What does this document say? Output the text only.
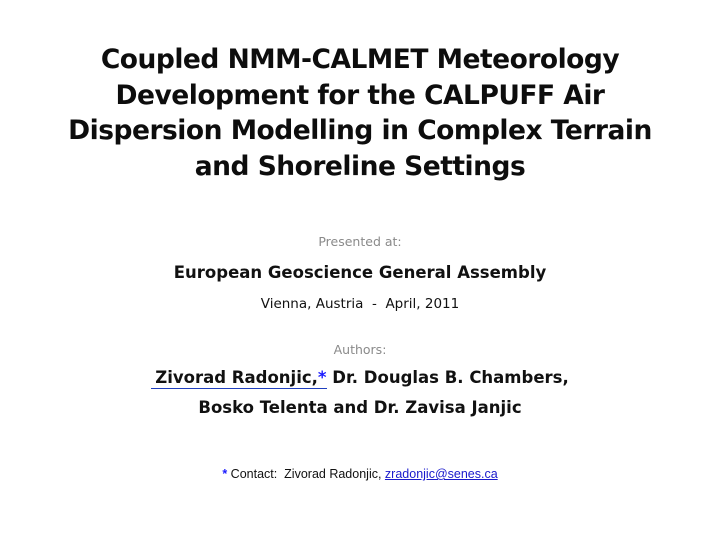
Coupled NMM-CALMET Meteorology
Development for the CALPUFF Air
Dispersion Modelling in Complex Terrain
and Shoreline Settings
Presented at:
European Geoscience General Assembly
Vienna, Austria  -  April, 2011
Authors:
Zivorad Radonjic,* Dr. Douglas B. Chambers,
Bosko Telenta and Dr. Zavisa Janjic
* Contact:  Zivorad Radonjic, zradonjic@senes.ca
